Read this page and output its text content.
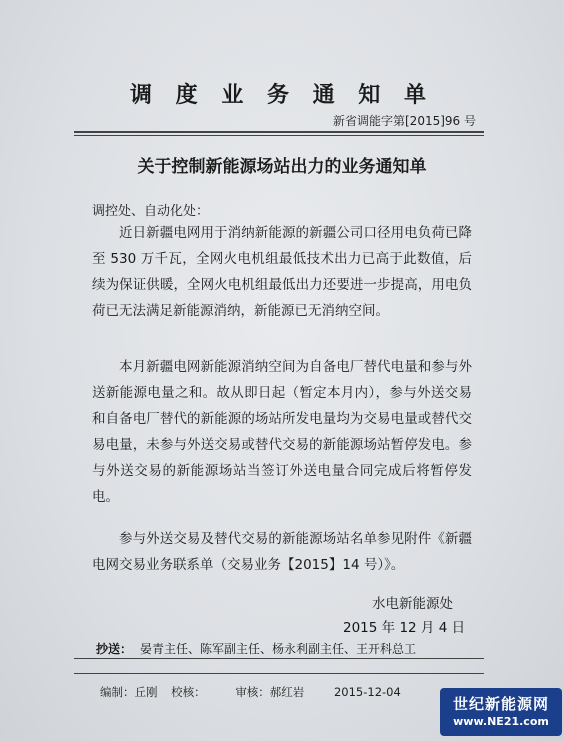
调 度 业 务 通 知 单
新省调能字第[2015]96 号
关于控制新能源场站出力的业务通知单
调控处、自动化处：
近日新疆电网用于消纳新能源的新疆公司口径用电负荷已降至 530 万千瓦，全网火电机组最低技术出力已高于此数值，后续为保证供暖，全网火电机组最低出力还要进一步提高，用电负荷已无法满足新能源消纳，新能源已无消纳空间。
本月新疆电网新能源消纳空间为自备电厂替代电量和参与外送新能源电量之和。故从即日起（暂定本月内），参与外送交易和自备电厂替代的新能源的场站所发电量均为交易电量或替代交易电量，未参与外送交易或替代交易的新能源场站暂停发电。参与外送交易的新能源场站当签订外送电量合同完成后将暂停发电。
参与外送交易及替代交易的新能源场站名单参见附件《新疆电网交易业务联系单（交易业务【2015】14 号）》。
水电新能源处
2015 年 12 月 4 日
抄送： 晏青主任、陈军副主任、杨永利副主任、王开科总工
编制：丘刚 校核：	审核：郝红岩	2015-12-04
世纪新能源网
www.NE21.com
